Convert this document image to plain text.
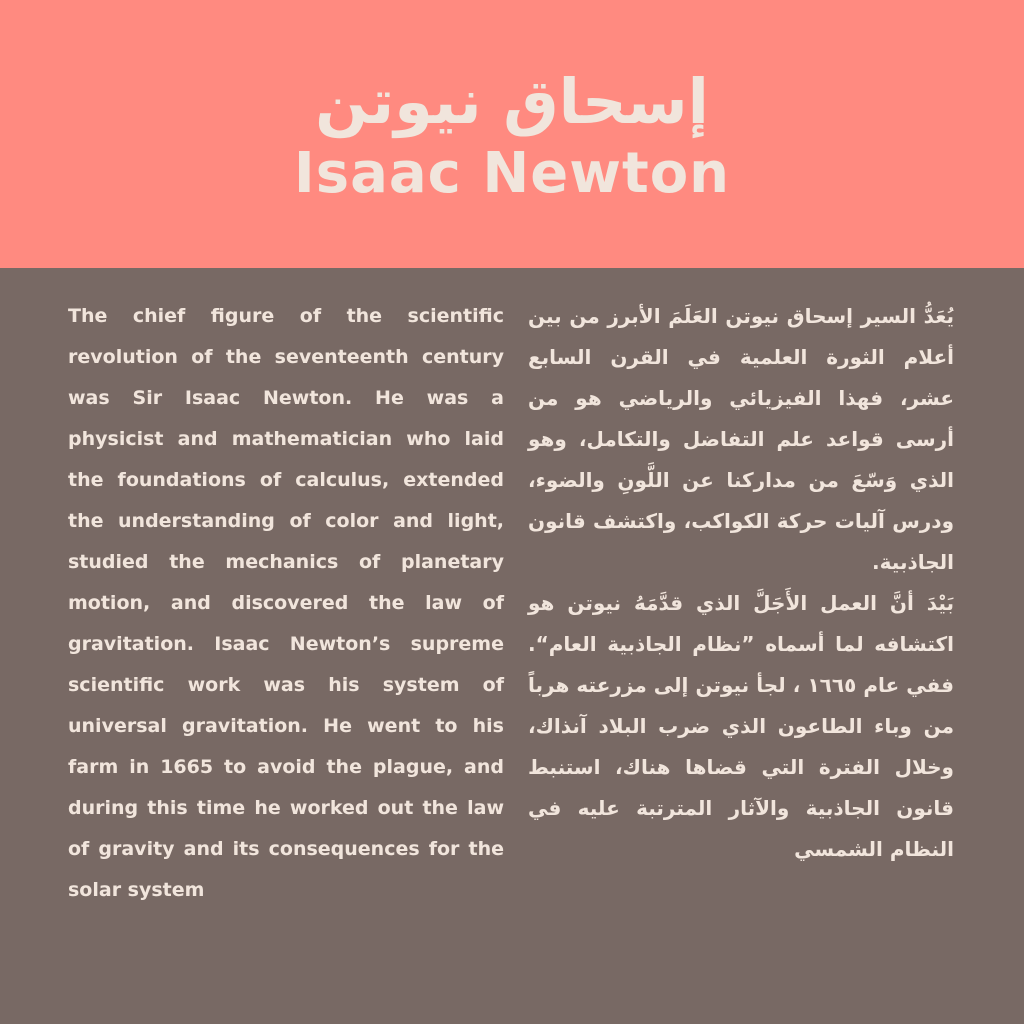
إسحاق نيوتن
Isaac Newton
The chief figure of the scientific revolution of the seventeenth century was Sir Isaac Newton. He was a physicist and mathematician who laid the foundations of calculus, extended the understanding of color and light, studied the mechanics of planetary motion, and discovered the law of gravitation. Isaac Newton’s supreme scientific work was his system of universal gravitation. He went to his farm in 1665 to avoid the plague, and during this time he worked out the law of gravity and its consequences for the solar system

يُعَدُّ السير إسحاق نيوتن العَلَمَ الأبرز من بين أعلام الثورة العلمية في القرن السابع عشر، فهذا الفيزيائي والرياضي هو من أرسى قواعد علم التفاضل والتكامل، وهو الذي وَسّعَ من مداركنا عن اللَّونِ والضوء، ودرس آليات حركة الكواكب، واكتشف قانون الجاذبية.

بَيْدَ أنَّ العمل الأَجَلَّ الذي قدَّمَهُ نيوتن هو اكتشافه لما أسماه ”نظام الجاذبية العام“. ففي عام ١٦٦٥ ، لجأ نيوتن إلى مزرعته هرباً من وباء الطاعون الذي ضرب البلاد آنذاك، وخلال الفترة التي قضاها هناك، استنبط قانون الجاذبية والآثار المترتبة عليه في النظام الشمسي
